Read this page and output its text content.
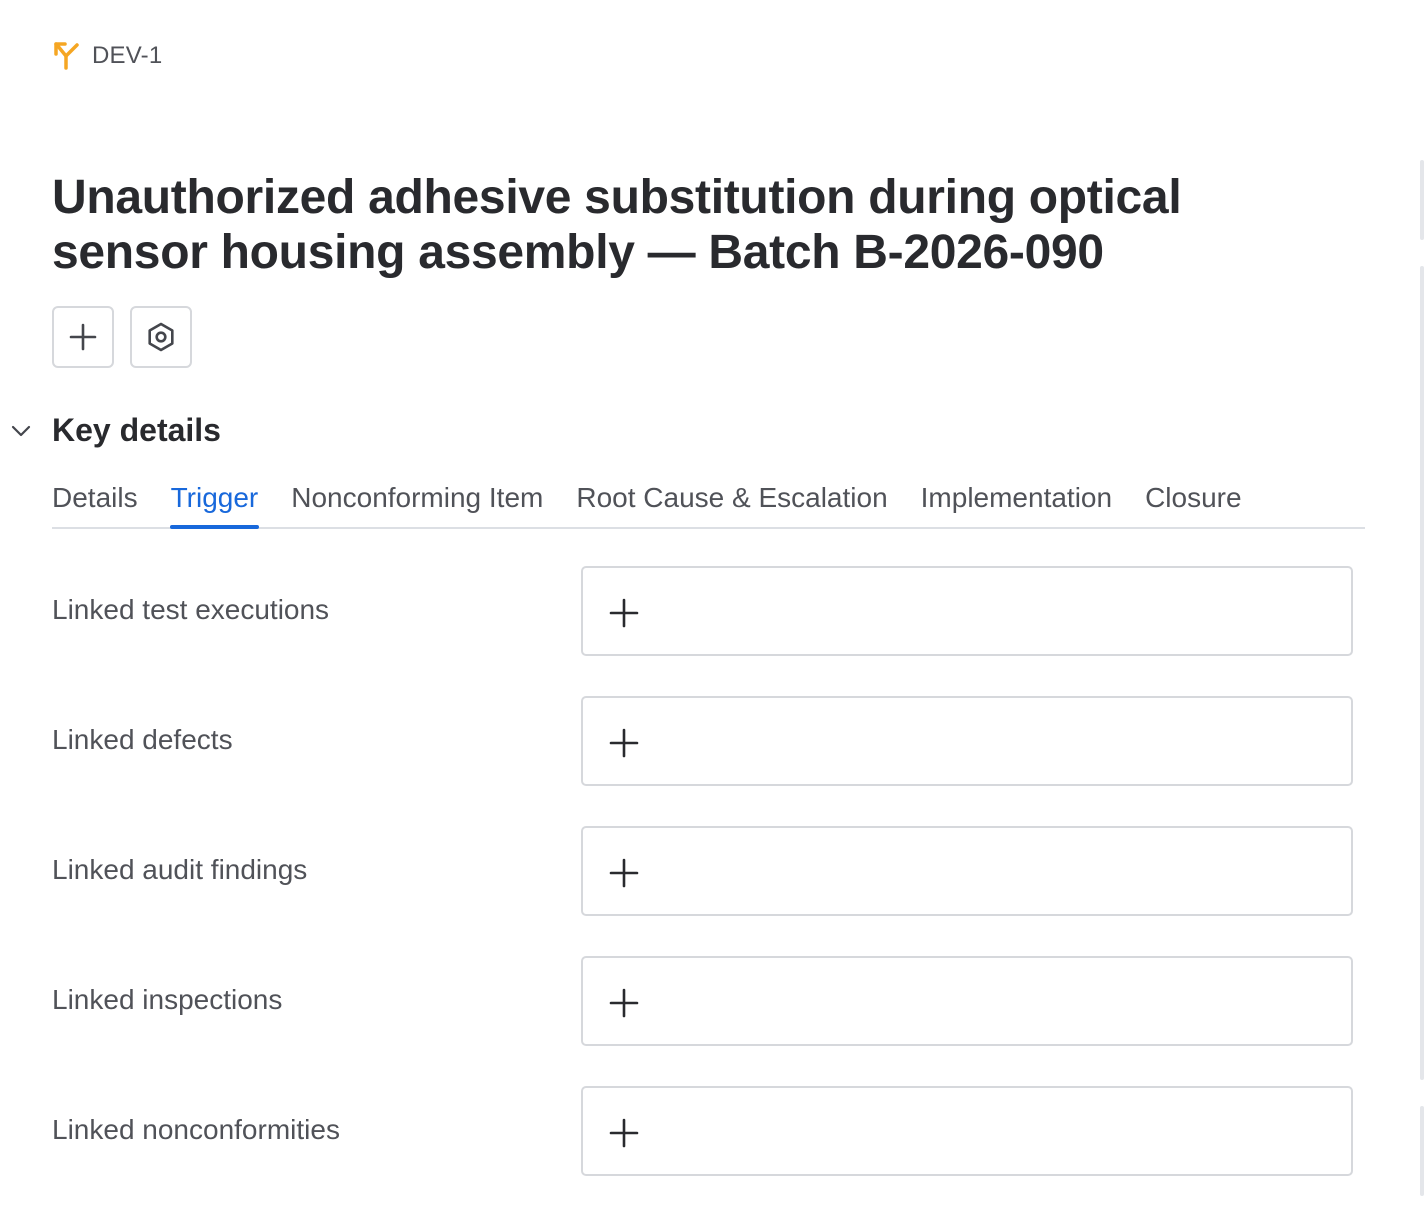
DEV-1
Unauthorized adhesive substitution during optical sensor housing assembly — Batch B-2026-090
Key details
Details Trigger Nonconforming Item Root Cause & Escalation Implementation Closure
Linked test executions
Linked defects
Linked audit findings
Linked inspections
Linked nonconformities
